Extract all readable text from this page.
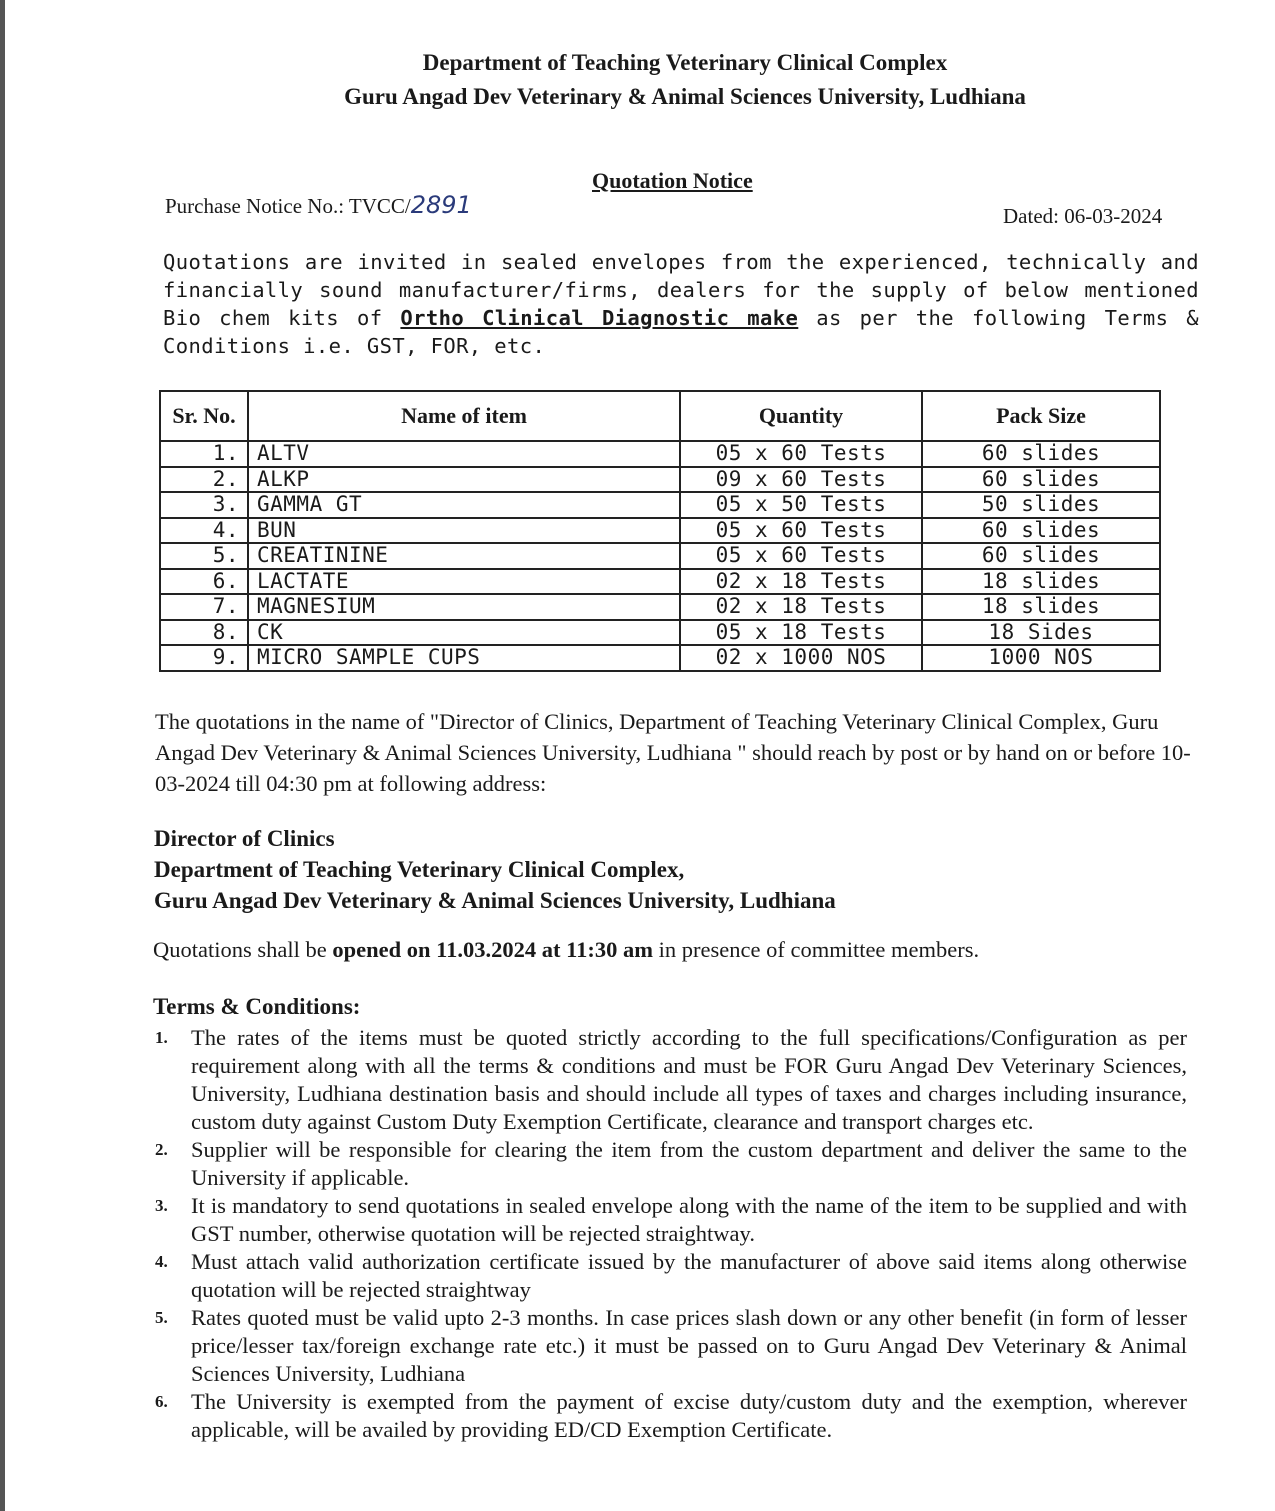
Department of Teaching Veterinary Clinical Complex
Guru Angad Dev Veterinary & Animal Sciences University, Ludhiana
Quotation Notice
Purchase Notice No.: TVCC/2891	Dated: 06-03-2024
Quotations are invited in sealed envelopes from the experienced, technically and financially sound manufacturer/firms, dealers for the supply of below mentioned Bio chem kits of Ortho Clinical Diagnostic make as per the following Terms & Conditions i.e. GST, FOR, etc.
Sr. No.	Name of item	Quantity	Pack Size
1.	ALTV	05 x 60 Tests	60 slides
2.	ALKP	09 x 60 Tests	60 slides
3.	GAMMA GT	05 x 50 Tests	50 slides
4.	BUN	05 x 60 Tests	60 slides
5.	CREATININE	05 x 60 Tests	60 slides
6.	LACTATE	02 x 18 Tests	18 slides
7.	MAGNESIUM	02 x 18 Tests	18 slides
8.	CK	05 x 18 Tests	18 Sides
9.	MICRO SAMPLE CUPS	02 x 1000 NOS	1000 NOS
The quotations in the name of "Director of Clinics, Department of Teaching Veterinary Clinical Complex, Guru Angad Dev Veterinary & Animal Sciences University, Ludhiana " should reach by post or by hand on or before 10-03-2024 till 04:30 pm at following address:
Director of Clinics
Department of Teaching Veterinary Clinical Complex,
Guru Angad Dev Veterinary & Animal Sciences University, Ludhiana
Quotations shall be opened on 11.03.2024 at 11:30 am in presence of committee members.
Terms & Conditions:
1.	The rates of the items must be quoted strictly according to the full specifications/Configuration as per requirement along with all the terms & conditions and must be FOR Guru Angad Dev Veterinary Sciences, University, Ludhiana destination basis and should include all types of taxes and charges including insurance, custom duty against Custom Duty Exemption Certificate, clearance and transport charges etc.
2.	Supplier will be responsible for clearing the item from the custom department and deliver the same to the University if applicable.
3.	It is mandatory to send quotations in sealed envelope along with the name of the item to be supplied and with GST number, otherwise quotation will be rejected straightway.
4.	Must attach valid authorization certificate issued by the manufacturer of above said items along otherwise quotation will be rejected straightway
5.	Rates quoted must be valid upto 2-3 months. In case prices slash down or any other benefit (in form of lesser price/lesser tax/foreign exchange rate etc.) it must be passed on to Guru Angad Dev Veterinary & Animal Sciences University, Ludhiana
6.	The University is exempted from the payment of excise duty/custom duty and the exemption, wherever applicable, will be availed by providing ED/CD Exemption Certificate.
